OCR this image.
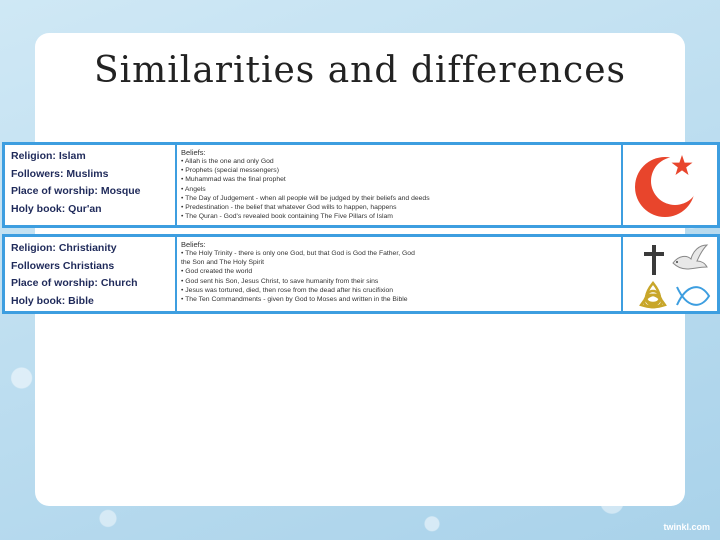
Similarities and differences
Religion: Islam
Followers: Muslims
Place of worship: Mosque
Holy book: Qur'an
Beliefs:
• Allah is the one and only God
• Prophets (special messengers)
• Muhammad was the final prophet
• Angels
• The Day of Judgement - when all people will be judged by their beliefs and deeds
• Predestination - the belief that whatever God wills to happen, happens
• The Quran - God's revealed book containing The Five Pillars of Islam
Religion: Christianity
Followers Christians
Place of worship: Church
Holy book: Bible
Beliefs:
• The Holy Trinity - there is only one God, but that God is God the Father, God
the Son and The Holy Spirit
• God created the world
• God sent his Son, Jesus Christ, to save humanity from their sins
• Jesus was tortured, died, then rose from the dead after his crucifixion
• The Ten Commandments - given by God to Moses and written in the Bible
twinkl.com
